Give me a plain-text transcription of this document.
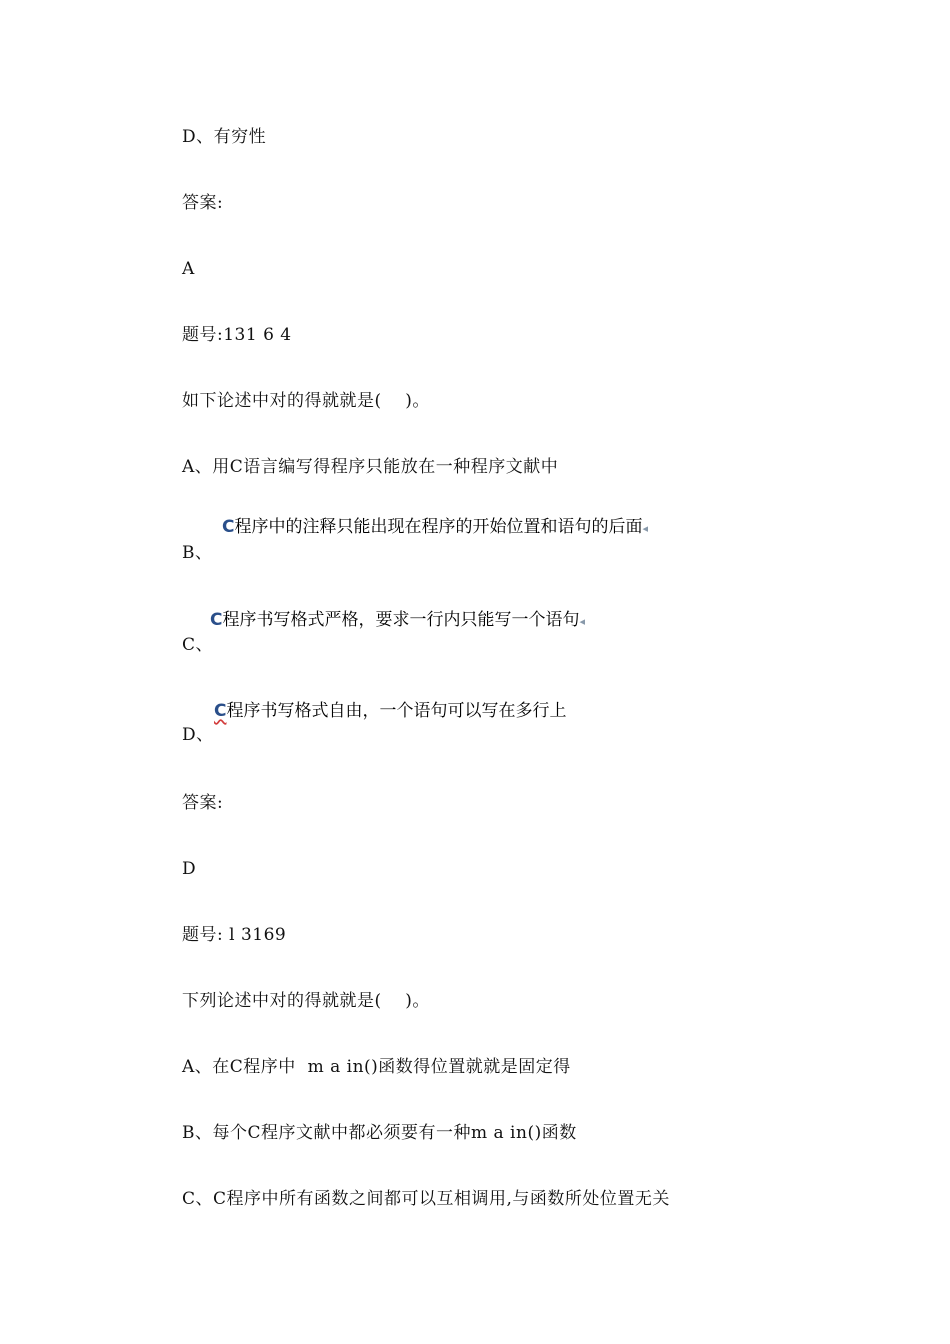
D、有穷性
答案:
A
题号:131 6 4
如下论述中对的得就就是(    )。
A、用C语言编写得程序只能放在一种程序文献中
C程序中的注释只能出现在程序的开始位置和语句的后面◂
B、
C程序书写格式严格，要求一行内只能写一个语句◂
C、
C程序书写格式自由，一个语句可以写在多行上
D、
答案:
D
题号: l 3169
下列论述中对的得就就是(    )。
A、在C程序中  m a in()函数得位置就就是固定得
B、每个C程序文献中都必须要有一种m a in()函数
C、C程序中所有函数之间都可以互相调用,与函数所处位置无关
